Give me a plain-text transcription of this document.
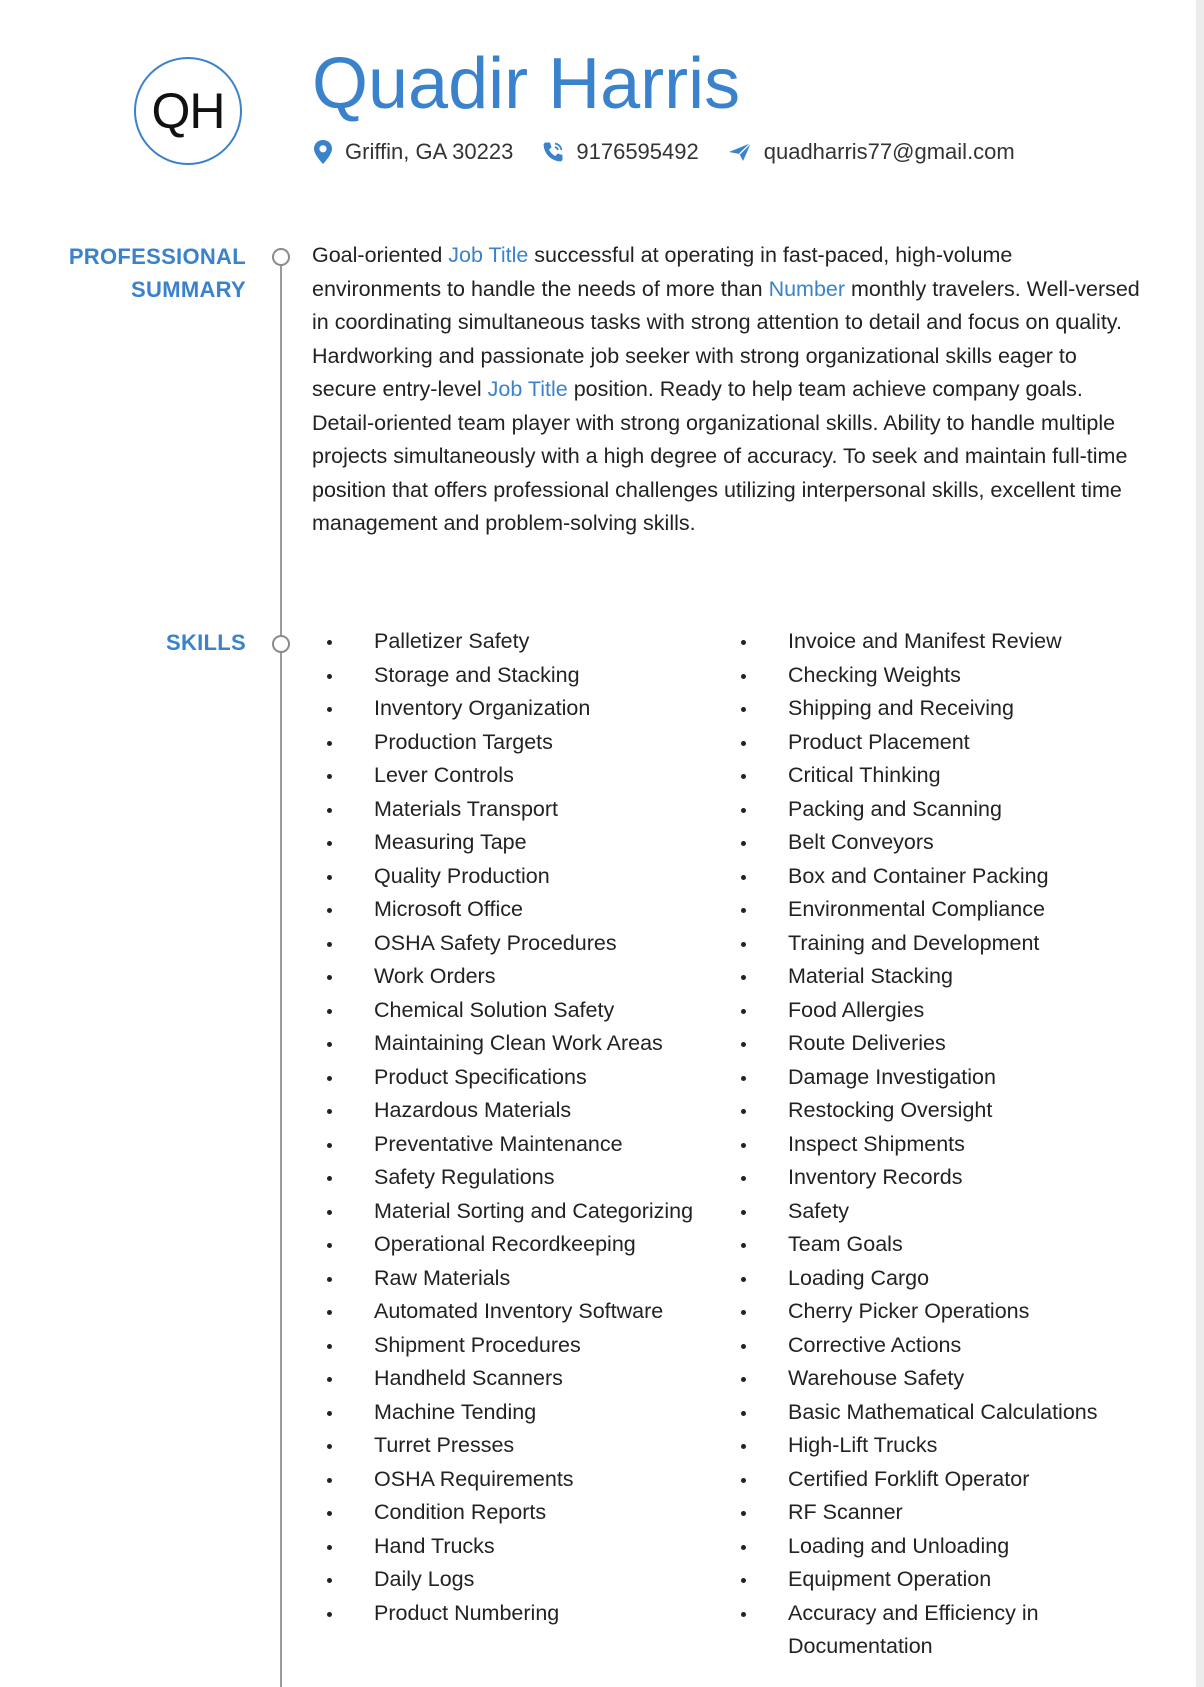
QH Quadir Harris
Griffin, GA 30223	9176595492	quadharris77@gmail.com
PROFESSIONAL
SUMMARY

Goal-oriented Job Title successful at operating in fast-paced, high-volume environments to handle the needs of more than Number monthly travelers. Well-versed in coordinating simultaneous tasks with strong attention to detail and focus on quality. Hardworking and passionate job seeker with strong organizational skills eager to secure entry-level Job Title position. Ready to help team achieve company goals. Detail-oriented team player with strong organizational skills. Ability to handle multiple projects simultaneously with a high degree of accuracy. To seek and maintain full-time position that offers professional challenges utilizing interpersonal skills, excellent time management and problem-solving skills.

SKILLS	Palletizer Safety
Storage and Stacking
Inventory Organization
Production Targets
Lever Controls
Materials Transport
Measuring Tape
Quality Production
Microsoft Office
OSHA Safety Procedures
Work Orders
Chemical Solution Safety
Maintaining Clean Work Areas
Product Specifications
Hazardous Materials
Preventative Maintenance
Safety Regulations
Material Sorting and Categorizing
Operational Recordkeeping
Raw Materials
Automated Inventory Software
Shipment Procedures
Handheld Scanners
Machine Tending
Turret Presses
OSHA Requirements
Condition Reports
Hand Trucks
Daily Logs
Product Numbering
Invoice and Manifest Review
Checking Weights
Shipping and Receiving
Product Placement
Critical Thinking
Packing and Scanning
Belt Conveyors
Box and Container Packing
Environmental Compliance
Training and Development
Material Stacking
Food Allergies
Route Deliveries
Damage Investigation
Restocking Oversight
Inspect Shipments
Inventory Records
Safety
Team Goals
Loading Cargo
Cherry Picker Operations
Corrective Actions
Warehouse Safety
Basic Mathematical Calculations
High-Lift Trucks
Certified Forklift Operator
RF Scanner
Loading and Unloading
Equipment Operation
Accuracy and Efficiency in Documentation
